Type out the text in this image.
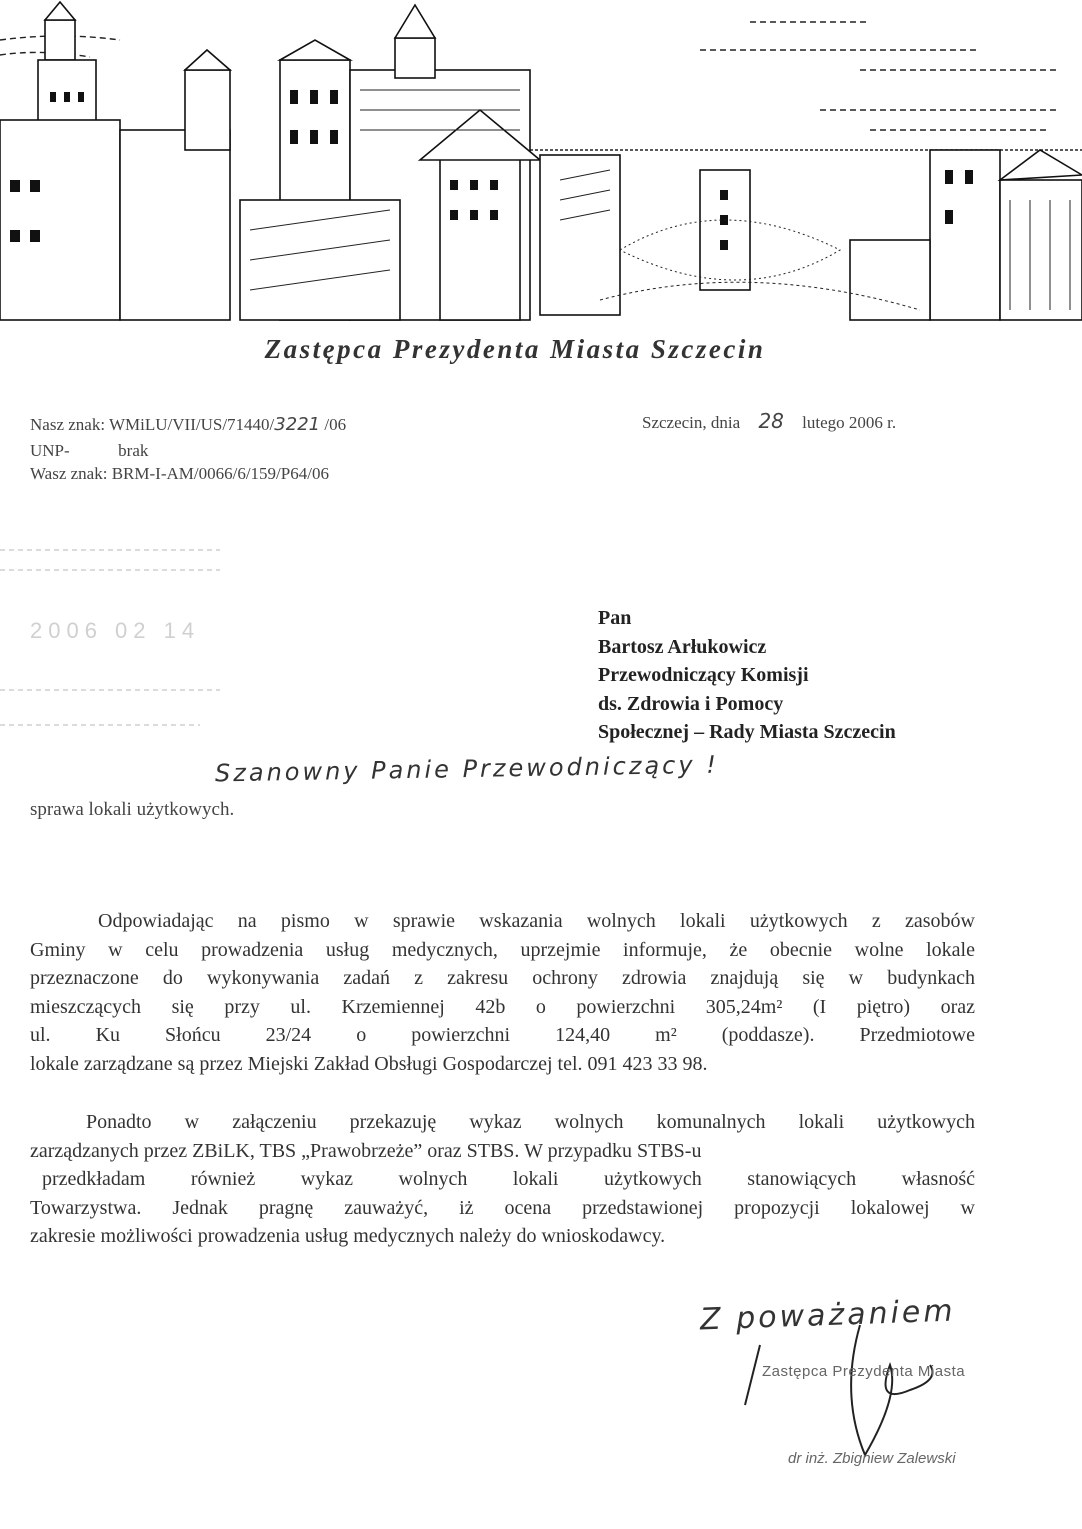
Zastępca Prezydenta Miasta Szczecin
Nasz znak: WMiLU/VII/US/71440/3221 /06
UNP-	brak
Wasz znak: BRM-I-AM/0066/6/159/P64/06
Szczecin, dnia 28 lutego 2006 r.
2006 02 14	Pan
Bartosz Arłukowicz
Przewodniczący Komisji
ds. Zdrowia i Pomocy
Społecznej – Rady Miasta Szczecin
Szanowny Panie Przewodniczący !
sprawa lokali użytkowych.
Odpowiadając na pismo w sprawie wskazania wolnych lokali użytkowych z zasobów
Gminy w celu prowadzenia usług medycznych, uprzejmie informuje, że obecnie wolne lokale
przeznaczone do wykonywania zadań z zakresu ochrony zdrowia znajdują się w budynkach
mieszczących się przy ul. Krzemiennej 42b o powierzchni 305,24m² (I piętro) oraz
ul. Ku Słońcu 23/24 o powierzchni 124,40 m² (poddasze). Przedmiotowe
lokale zarządzane są przez Miejski Zakład Obsługi Gospodarczej tel. 091 423 33 98.
Ponadto w załączeniu przekazuję wykaz wolnych komunalnych lokali użytkowych
zarządzanych przez ZBiLK, TBS „Prawobrzeże” oraz STBS. W przypadku STBS-u
przedkładam również wykaz wolnych lokali użytkowych stanowiących własność
Towarzystwa. Jednak pragnę zauważyć, iż ocena przedstawionej propozycji lokalowej w
zakresie możliwości prowadzenia usług medycznych należy do wnioskodawcy.
Z poważaniem
Zastępca Prezydenta Miasta
dr inż. Zbigniew Zalewski
